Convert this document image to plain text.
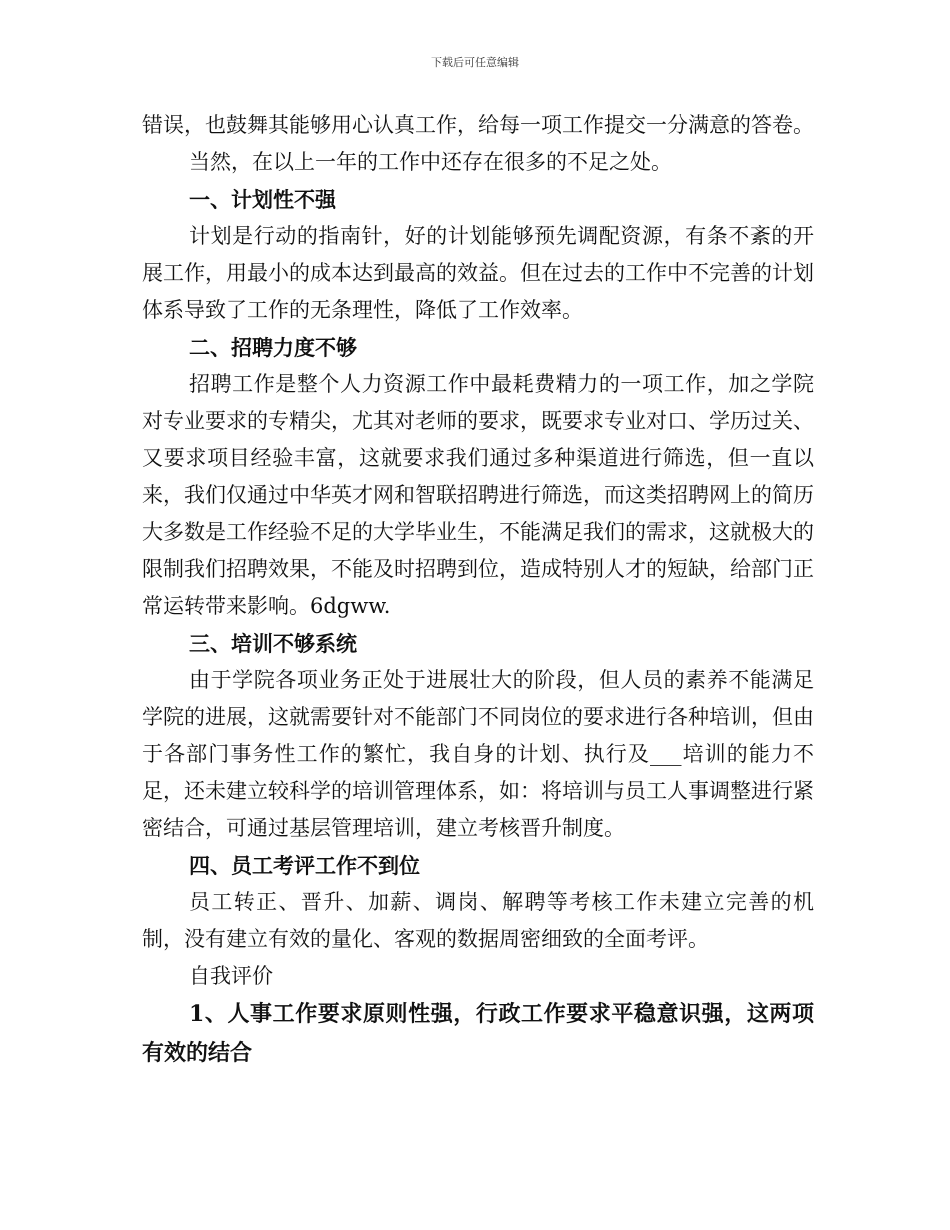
下载后可任意编辑

错误，也鼓舞其能够用心认真工作，给每一项工作提交一分满意的答卷。

当然，在以上一年的工作中还存在很多的不足之处。

一、计划性不强

计划是行动的指南针，好的计划能够预先调配资源，有条不紊的开展工作，用最小的成本达到最高的效益。但在过去的工作中不完善的计划体系导致了工作的无条理性，降低了工作效率。

二、招聘力度不够

招聘工作是整个人力资源工作中最耗费精力的一项工作，加之学院对专业要求的专精尖，尤其对老师的要求，既要求专业对口、学历过关、又要求项目经验丰富，这就要求我们通过多种渠道进行筛选，但一直以来，我们仅通过中华英才网和智联招聘进行筛选，而这类招聘网上的简历大多数是工作经验不足的大学毕业生，不能满足我们的需求，这就极大的限制我们招聘效果，不能及时招聘到位，造成特别人才的短缺，给部门正常运转带来影响。6dgww.

三、培训不够系统

由于学院各项业务正处于进展壮大的阶段，但人员的素养不能满足学院的进展，这就需要针对不能部门不同岗位的要求进行各种培训，但由于各部门事务性工作的繁忙，我自身的计划、执行及___培训的能力不足，还未建立较科学的培训管理体系，如：将培训与员工人事调整进行紧密结合，可通过基层管理培训，建立考核晋升制度。

四、员工考评工作不到位

员工转正、晋升、加薪、调岗、解聘等考核工作未建立完善的机制，没有建立有效的量化、客观的数据周密细致的全面考评。

自我评价

1、人事工作要求原则性强，行政工作要求平稳意识强，这两项有效的结合
